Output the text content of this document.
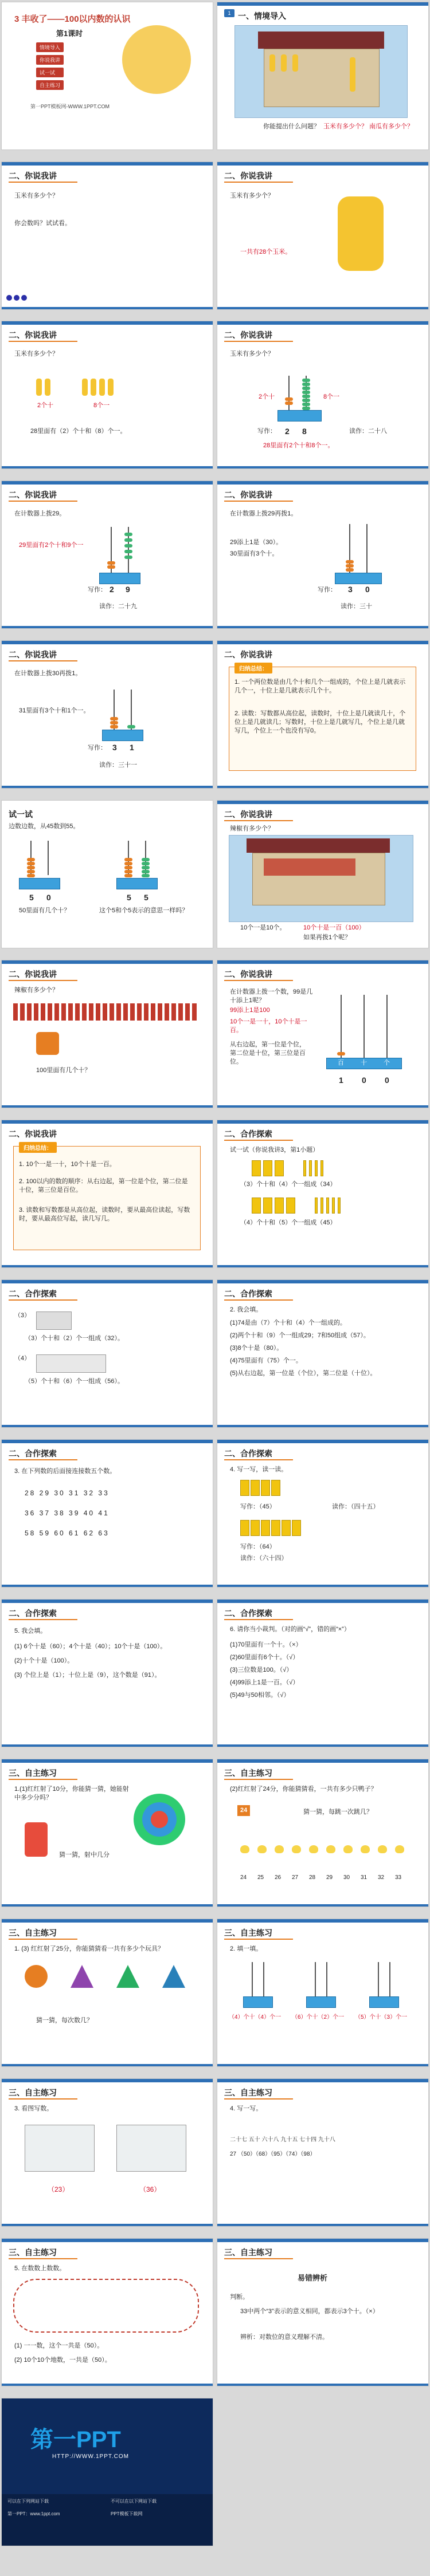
3 丰收了——100以内数的认识
第1课时
情境导入
你说我讲
试一试
自主练习
第一PPT模板网-WWW.1PPT.COM
1 一、情境导入
你能提出什么问题？ 玉米有多少个？ 南瓜有多少个？
二、你说我讲
玉米有多少个？
你会数吗？试试看。
二、你说我讲
玉米有多少个？
一共有28个玉米。
二、你说我讲
玉米有多少个？
2个十	8个一
28里面有（2）个十和（8）个一。
二、你说我讲
玉米有多少个？
2个十	8个一
写作： 2 8	读作：二十八
28里面有2个十和8个一。
二、你说我讲
在计数器上拨29。
29里面有2个十和9个一
写作： 2 9
读作：二十九
二、你说我讲
在计数器上拨29再拨1。
29添上1是（30）。
30里面有3个十。
写作： 3 0
读作：三十
二、你说我讲
在计数器上拨30再拨1。
31里面有3个十和1个一。
写作： 3 1
读作：三十一
二、你说我讲
归纳总结：
1. 一个两位数是由几个十和几个一组成的，个位上是几就表示几个一，十位上是几就表示几个十。
2. 读数：写数都从高位起，读数时，十位上是几就读几十，个位上是几就读几；写数时，十位上是几就写几，个位上是几就写几，个位上一个也没有写0。
试一试
边数边数，从45数到55。
5 0
50里面有几个十？
5 5
这个5和个5表示的意思一样吗？
二、你说我讲
辣椒有多少个？
10个一是10个。	10个十是一百（100）
如果再拨1个呢？
二、你说我讲
辣椒有多少个？
100里面有几个十？
二、你说我讲
在计数器上拨一个数，99是几十添上1呢？
99添上1是100
10个一是一十，10个十是一百。
从右边起，第一位是个位，第二位是十位，第三位是百位。	百	十	个
1 0 0
二、你说我讲
归纳总结：
1. 10个一是一十，10个十是一百。
2. 100以内的数的顺序：从右边起，第一位是个位，第二位是十位，第三位是百位。
3. 读数和写数都是从高位起，读数时，要从最高位读起，写数时，要从最高位写起，读几写几。
二、合作探索
试一试（你说我讲3，第1小题）
（3）个十和（4）个一组成（34）
（4）个十和（5）个一组成（45）
二、合作探索
（3）
（3）个十和（2）个一组成（32）。
（4）
（5）个十和（6）个一组成（56）。
二、合作探索
2. 我会填。
(1)74是由（7）个十和（4）个一组成的。
(2)两个十和（9）个一组成29；7和50组成（57）。
(3)8个十是（80）。
(4)75里面有（75）个一。
(5)从右边起，第一位是（个位），第二位是（十位）。
二、合作探索
3. 在下列数的后面接连接数五个数。
28 29 30 31 32 33
36 37 38 39 40 41
58 59 60 61 62 63
二、合作探索
4. 写一写，读一读。
写作：（45）	读作：（四十五）
写作：（64）
读作：（六十四）
二、合作探索
5. 我会填。
(1) 6个十是（60）；4个十是（40）；10个十是（100）。
(2)十个十是（100）。
(3) 个位上是（1）；十位上是（9），这个数是（91）。
二、合作探索
6. 请你当小裁判。（对的画“√”，错的画“×”）
(1)70里面有一个十。（×）
(2)60里面有6个十。（√）
(3)三位数是100。（√）
(4)99添上1是一百。（√）
(5)49与50相邻。（√）
三、自主练习
1.(1)红红射了10分，你能猜一猜，她能射中多少分吗？
猜一猜，射中几分
三、自主练习
(2)红红射了24分，你能猜猜看，一共有多少只鸭子？
猜一猜，每跳一次跳几？
24
24 25 26 27 28 29 30 31 32 33
三、自主练习
1. (3) 红红射了25分，你能猜猜看一共有多少个玩具？
猜一猜，每次数几？
三、自主练习
2. 填一填。
（4）个十（4）个一 （6）个十（2）个一 （5）个十（3）个一
三、自主练习
3. 看图写数。
（23）	（36）
三、自主练习
4. 写一写。
二十七 五十 六十八 九十五 七十四 九十八
27 （50）（68）（95）（74）（98）
三、自主练习
5. 在数数上数数。
(1) 一一数，这个一共是（50）。
(2) 10个10个地数，一共是（50）。
三、自主练习
易错辨析
判断。
33中两个“3”表示的意义相同，都表示3个十。（×）
辨析：对数位的意义理解不清。
第一PPT
HTTP://WWW.1PPT.COM
可以在下列网站下载	不可以在以下网站下载
第一PPT：www.1ppt.com	PPT模板下载网
